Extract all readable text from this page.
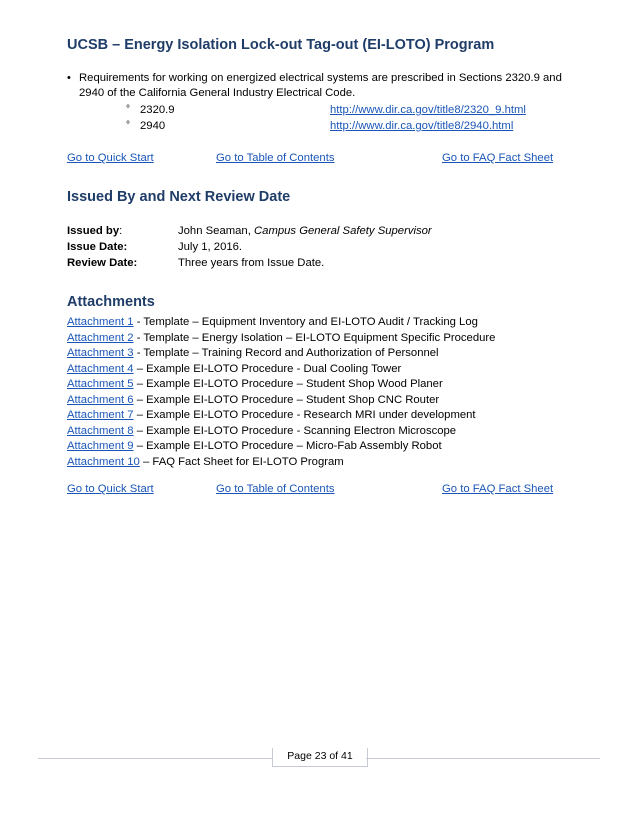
UCSB – Energy Isolation Lock-out Tag-out (EI-LOTO) Program
• Requirements for working on energized electrical systems are prescribed in Sections 2320.9 and 2940 of the California General Industry Electrical Code.
° 2320.9	http://www.dir.ca.gov/title8/2320_9.html
° 2940	http://www.dir.ca.gov/title8/2940.html
Go to Quick Start	Go to Table of Contents	Go to FAQ Fact Sheet
Issued By and Next Review Date
Issued by:	John Seaman, Campus General Safety Supervisor
Issue Date:	July 1, 2016.
Review Date:	Three years from Issue Date.
Attachments
Attachment 1 - Template – Equipment Inventory and EI-LOTO Audit / Tracking Log
Attachment 2 - Template – Energy Isolation – EI-LOTO Equipment Specific Procedure
Attachment 3 - Template – Training Record and Authorization of Personnel
Attachment 4 – Example EI-LOTO Procedure - Dual Cooling Tower
Attachment 5 – Example EI-LOTO Procedure – Student Shop Wood Planer
Attachment 6 – Example EI-LOTO Procedure – Student Shop CNC Router
Attachment 7 – Example EI-LOTO Procedure - Research MRI under development
Attachment 8 – Example EI-LOTO Procedure - Scanning Electron Microscope
Attachment 9 – Example EI-LOTO Procedure – Micro-Fab Assembly Robot
Attachment 10 – FAQ Fact Sheet for EI-LOTO Program
Go to Quick Start	Go to Table of Contents	Go to FAQ Fact Sheet
Page 23 of 41
